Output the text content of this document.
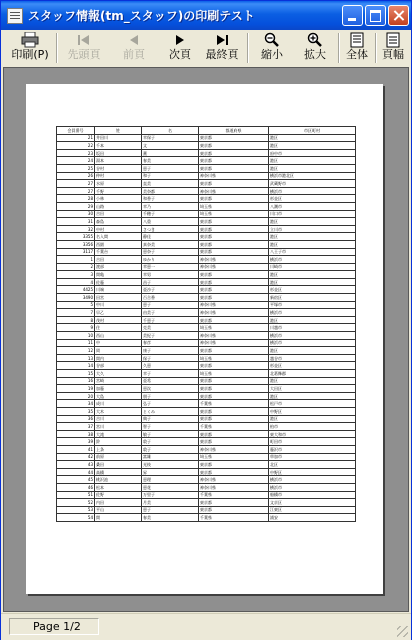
スタッフ情報(tm_スタッフ)の印刷テスト
印刷(P) 先頭頁 前頁 次頁 最終頁 縮小 拡大 全体 頁幅
会員番号	姓	名	都道府県	市区町村
21	井田川	幸保子	東京都	港区
22	千本	文	東京都	港区
23	坂田	薫	東京都	府中市
24	湯本	春美	東京都	港区
25	谷村	恵子	東京都	港区
26	仲村	和子	神奈川県	横浜市港北区
27	水原	直美	東京都	武蔵野市
27	千野	美奈都	神奈川県	横浜市
28	小林	和香子	東京都	杉並区
29	山路	幸乃	埼玉県	八潮市
30	吉田	千穂子	埼玉県	川口市
31	森島	八重	東京都	港区
32	中村	さつき	東京都	立川市
3355	名入間	静佳	東京都	港区
3356	西園	真奈美	東京都	港区
3117	千葉台	恵奈子	東京都	八王子市
1	吉田	ゆかり	神奈川県	横浜市
2	渡部	幸恵一	神奈川県	川崎市
3	関亀	幸男	東京都	港区
4	佐藤	昌子	東京都	港区
4425	川端	亜沙子	東京都	杉並区
3490	田宮	百合香	東京都	新宿区
5	中川	恵子	神奈川県	平塚市
7	早乙	由美子	神奈川県	横浜市
8	茂村	千恵子	東京都	港区
9	住	克美	埼玉県	川越市
10	西山	美紀子	神奈川県	横浜市
11	中	春彦	神奈川県	横浜市
12	岡	康子	東京都	港区
13	関内	保子	埼玉県	越谷市
14	谷部	久恵	東京都	杉並区
15	大久	幸子	埼玉県	北葛飾郡
16	宮崎	亜希	東京都	港区
19	加藤	恵次	東京都	大田区
20	大島	朋子	東京都	港区
34	成川	弘子	千葉県	松戸市
35	大木	とくみ	東京都	中野区
36	吉川	典子	東京都	港区
37	宮川	智子	千葉県	柏市
38	大滝	敏子	東京都	東大和市
39	鈴	敦子	東京都	町田市
41	上条	敦子	神奈川県	藤沢市
42	前原	富雄	埼玉県	草加市
43	桑田	光枝	東京都	北区
44	高橋	昇	東京都	中野区
45	桃沢池	恵理	神奈川県	横浜市
46	松本	恵花	神奈川県	横浜市
51	佐野	万里子	千葉県	船橋市
52	内田	月美	東京都	文京区
53	平山	恵子	東京都	江東区
54	関	春美	千葉県	浦安
Page 1/2
